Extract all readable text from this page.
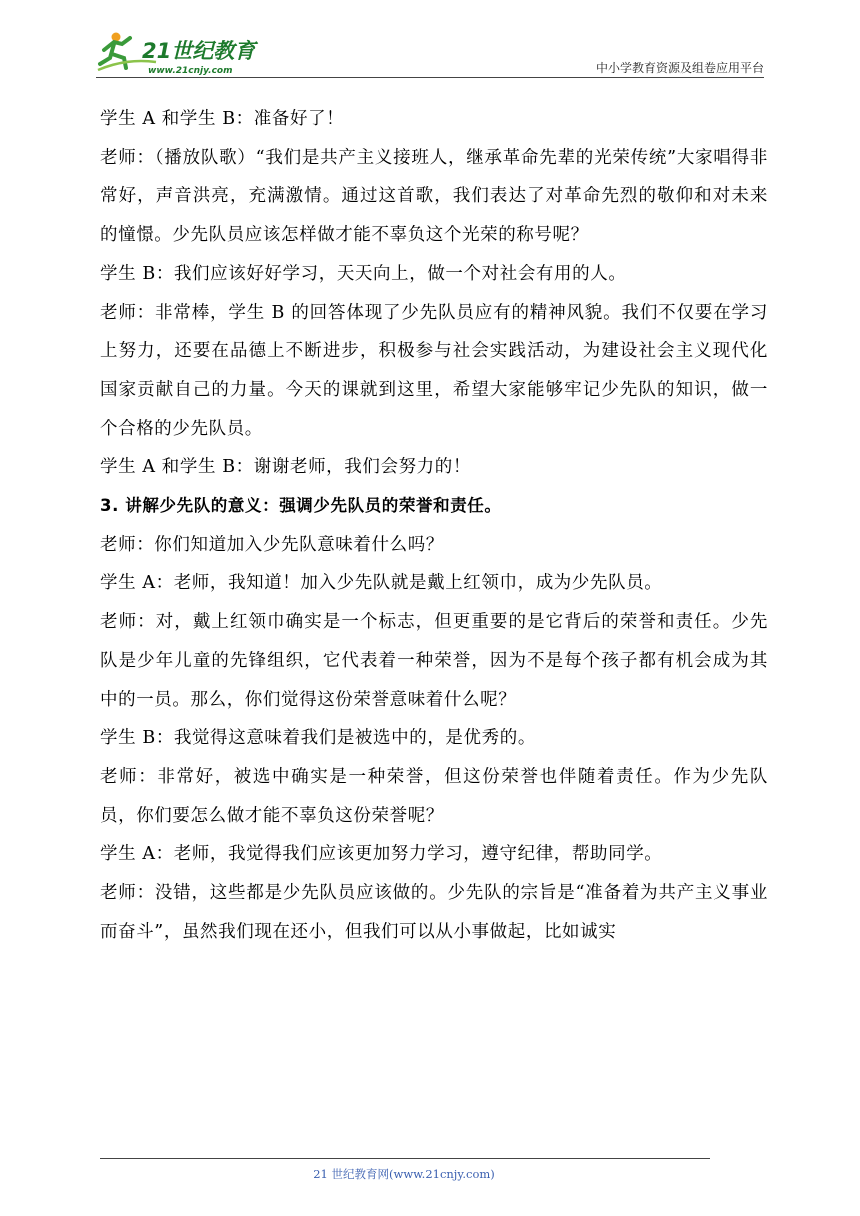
21世纪教育
www.21cnjy.com	中小学教育资源及组卷应用平台

学生 A 和学生 B：准备好了！

老师：（播放队歌）“我们是共产主义接班人，继承革命先辈的光荣传统”大家唱得非常好，声音洪亮，充满激情。通过这首歌，我们表达了对革命先烈的敬仰和对未来的憧憬。少先队员应该怎样做才能不辜负这个光荣的称号呢？

学生 B：我们应该好好学习，天天向上，做一个对社会有用的人。

老师：非常棒，学生 B 的回答体现了少先队员应有的精神风貌。我们不仅要在学习上努力，还要在品德上不断进步，积极参与社会实践活动，为建设社会主义现代化国家贡献自己的力量。今天的课就到这里，希望大家能够牢记少先队的知识，做一个合格的少先队员。

学生 A 和学生 B：谢谢老师，我们会努力的！

3. 讲解少先队的意义：强调少先队员的荣誉和责任。

老师：你们知道加入少先队意味着什么吗？

学生 A：老师，我知道！加入少先队就是戴上红领巾，成为少先队员。

老师：对，戴上红领巾确实是一个标志，但更重要的是它背后的荣誉和责任。少先队是少年儿童的先锋组织，它代表着一种荣誉，因为不是每个孩子都有机会成为其中的一员。那么，你们觉得这份荣誉意味着什么呢？

学生 B：我觉得这意味着我们是被选中的，是优秀的。

老师：非常好，被选中确实是一种荣誉，但这份荣誉也伴随着责任。作为少先队员，你们要怎么做才能不辜负这份荣誉呢？

学生 A：老师，我觉得我们应该更加努力学习，遵守纪律，帮助同学。

老师：没错，这些都是少先队员应该做的。少先队的宗旨是“准备着为共产主义事业而奋斗”，虽然我们现在还小，但我们可以从小事做起，比如诚实

21 世纪教育网(www.21cnjy.com)
